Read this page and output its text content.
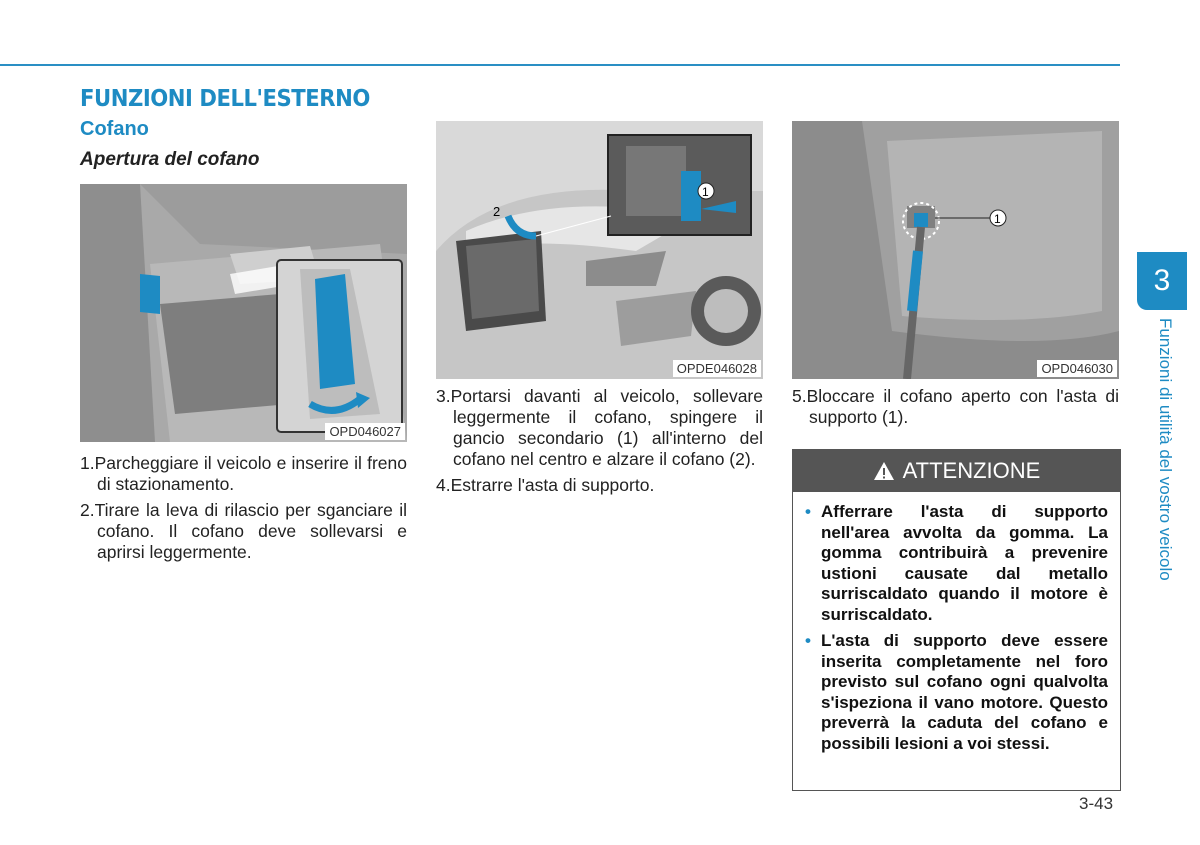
FUNZIONI DELL'ESTERNO
Cofano
Apertura del cofano
OPD046027
1
2
OPDE046028
1
OPD046030
1.Parcheggiare il veicolo e inserire il freno di stazionamento.
2.Tirare la leva di rilascio per sganciare il cofano. Il cofano deve sollevarsi e aprirsi leggermente.
3.Portarsi davanti al veicolo, sollevare leggermente il cofano, spingere il gancio secondario (1) all'interno del cofano nel centro e alzare il cofano (2).
4.Estrarre l'asta di supporto.
5.Bloccare il cofano aperto con l'asta di supporto (1).
ATTENZIONE
• Afferrare l'asta di supporto nell'area avvolta da gomma. La gomma contribuirà a prevenire ustioni causate dal metallo surriscaldato quando il motore è surriscaldato.
• L'asta di supporto deve essere inserita completamente nel foro previsto sul cofano ogni qualvolta s'ispeziona il vano motore. Questo preverrà la caduta del cofano e possibili lesioni a voi stessi.
3
Funzioni di utilità del vostro veicolo
3-43
